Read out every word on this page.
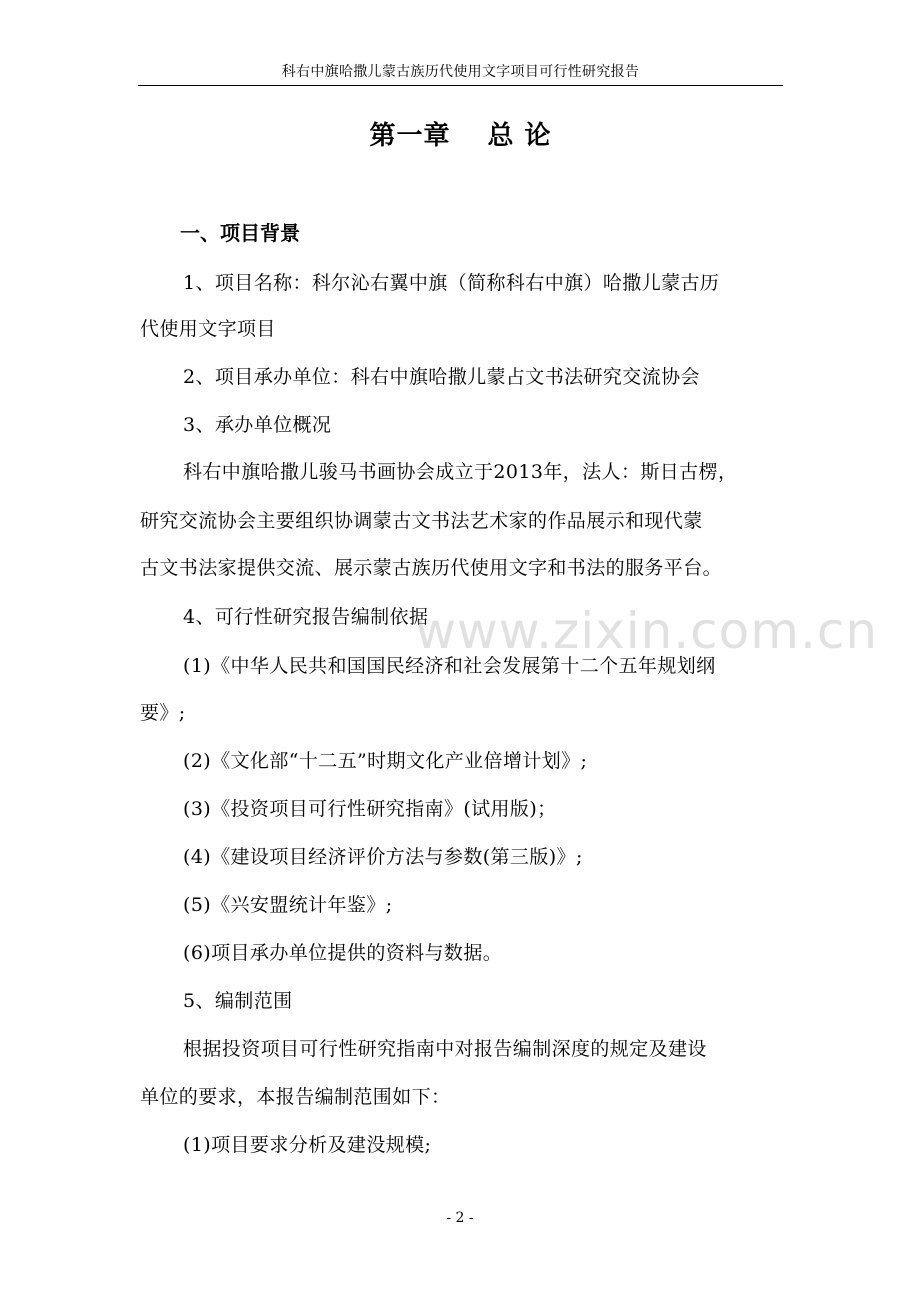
科右中旗哈撒儿蒙古族历代使用文字项目可行性研究报告
第一章　 总 论
一、项目背景
1、项目名称：科尔沁右翼中旗（简称科右中旗）哈撒儿蒙古历
代使用文字项目
2、项目承办单位：科右中旗哈撒儿蒙占文书法研究交流协会
3、承办单位概况
科右中旗哈撒儿骏马书画协会成立于2013年，法人：斯日古楞，
研究交流协会主要组织协调蒙古文书法艺术家的作品展示和现代蒙
古文书法家提供交流、展示蒙古族历代使用文字和书法的服务平台。
4、可行性研究报告编制依据
(1)《中华人民共和国国民经济和社会发展第十二个五年规划纲
要》;
(2)《文化部“十二五”时期文化产业倍增计划》;
(3)《投资项目可行性研究指南》(试用版)；
(4)《建设项目经济评价方法与参数(第三版)》;
(5)《兴安盟统计年鉴》;
(6)项目承办单位提供的资料与数据。
5、编制范围
根据投资项目可行性研究指南中对报告编制深度的规定及建设
单位的要求，本报告编制范围如下：
(1)项目要求分析及建没规模;
www.zixin.com.cn
- 2 -
